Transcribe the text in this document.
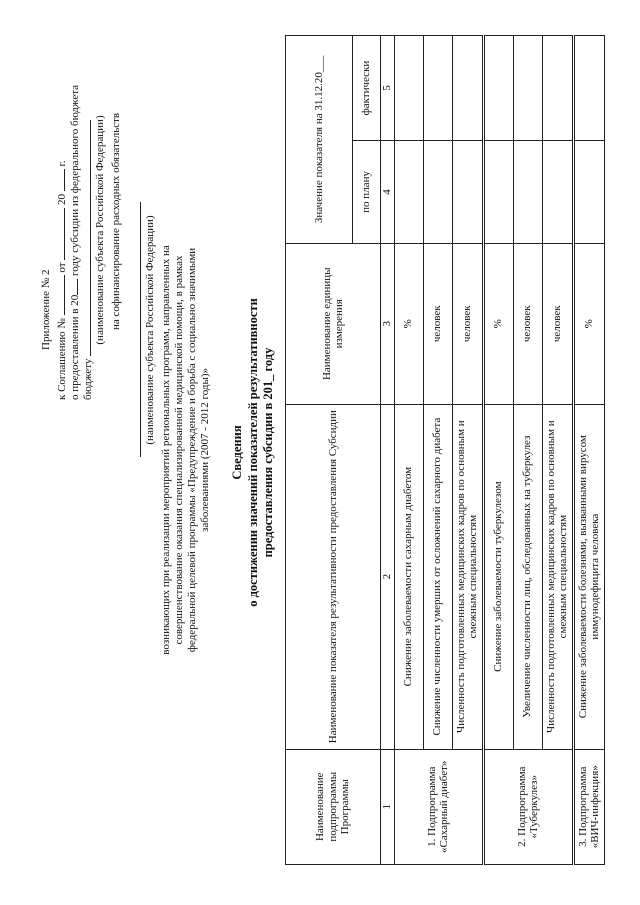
Приложение № 2
к Соглашению №  от  20  г.
о предоставлении в 20 году субсидии из федерального бюджета
бюджету
(наименование субъекта Российской Федерации) на софинансирование расходных обязательств (наименование субъекта Российской Федерации) возникающих при реализации мероприятий региональных программ, направленных на совершенствование оказания специализированной медицинской помощи, в рамках федеральной целевой программы «Предупреждение и борьба с социально значимыми заболеваниями (2007 - 2012 годы)» Сведения о достижении значений показателей результативности предоставления субсидии в 201_ году
Наименование подпрограммы Программы	Наименование показателя результативности предоставления Субсидии	Наименование единицы измерения	Значение показателя на 31.12.20___	
			по плану	фактически
1	2	3	4	5
1. Подпрограмма «Сахарный диабет»	Снижение заболеваемости сахарным диабетом	%		
	Снижение численности умерших от осложнений сахарного диабета	человек		
	Численность подготовленных медицинских кадров по основным и смежным специальностям	человек		
2. Подпрограмма «Туберкулез»	Снижение заболеваемости туберкулезом	%		
	Увеличение численности лиц, обследованных на туберкулез	человек		
	Численность подготовленных медицинских кадров по основным и смежным специальностям	человек		
3. Подпрограмма «ВИЧ-инфекция»	Снижение заболеваемости болезнями, вызванными вирусом иммунодефицита человека	%		
